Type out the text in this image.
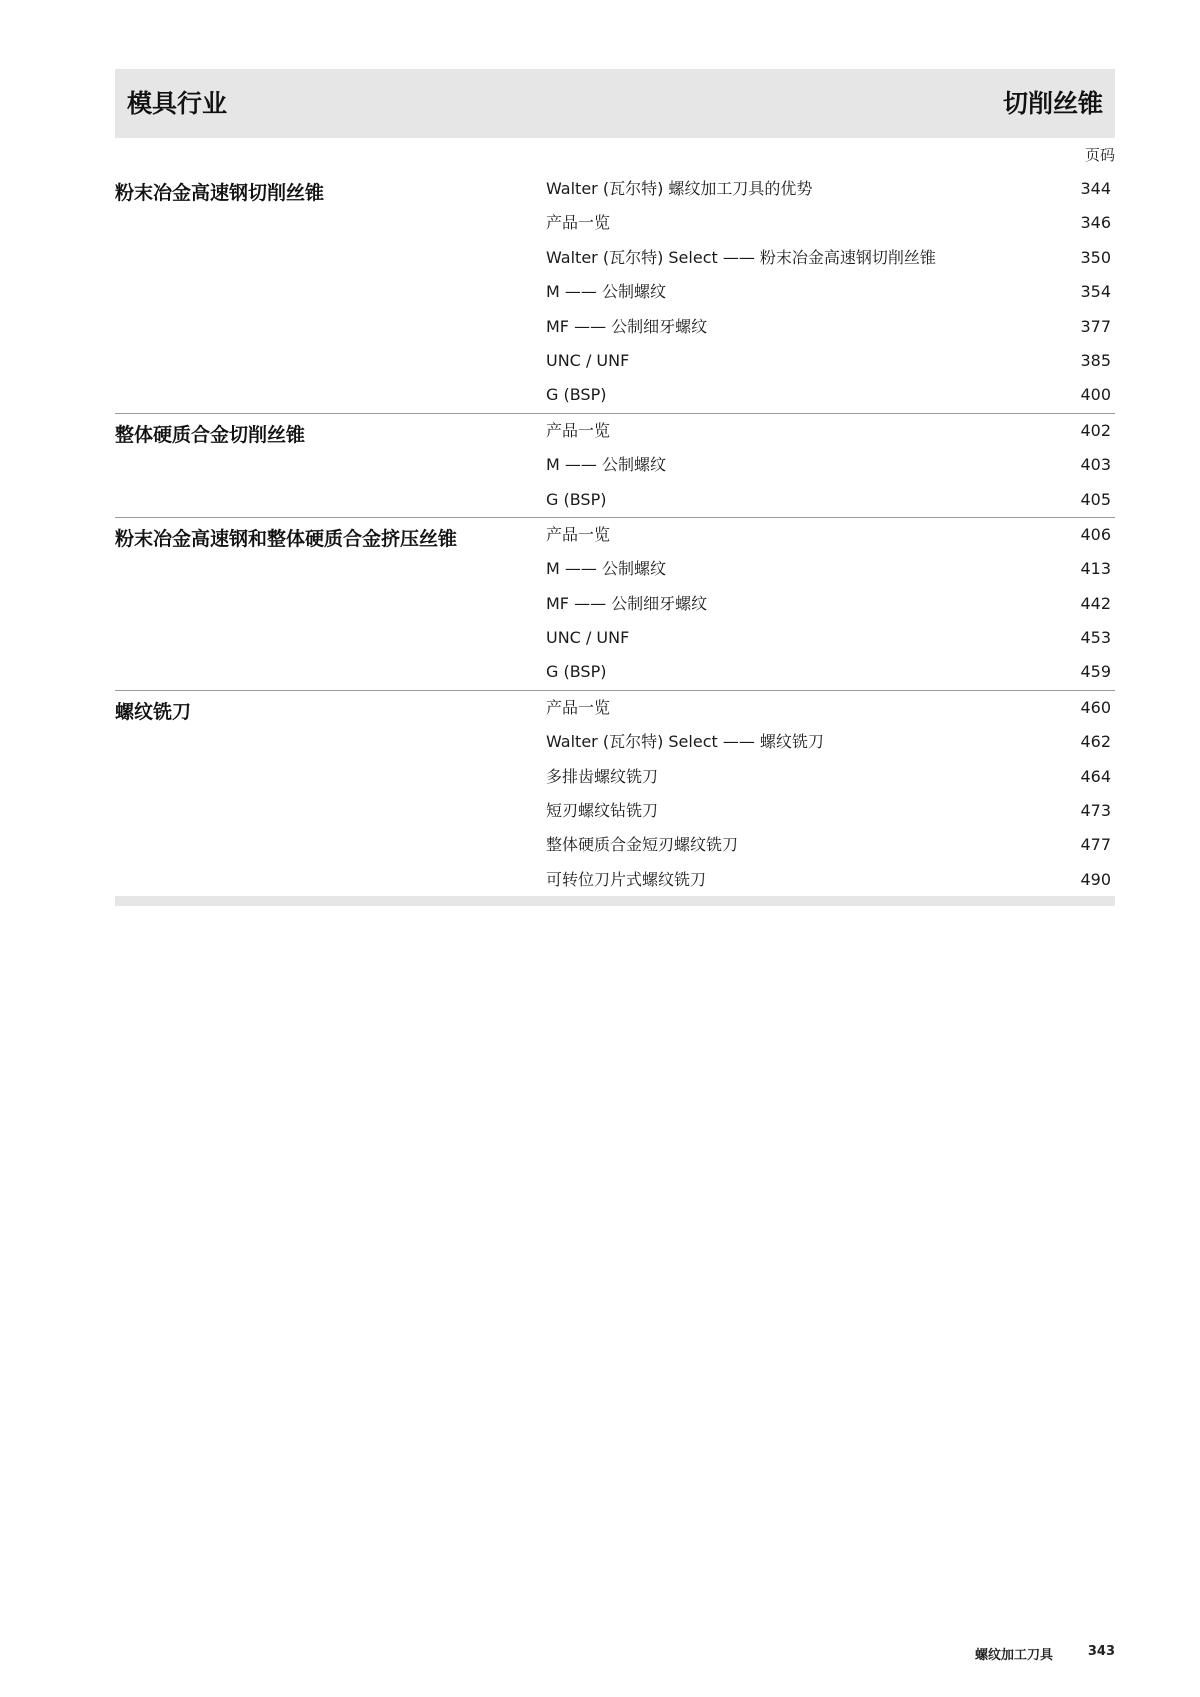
模具行业	切削丝锥
页码
粉末冶金高速钢切削丝锥	Walter (瓦尔特) 螺纹加工刀具的优势	344
产品一览	346
Walter (瓦尔特) Select —— 粉末冶金高速钢切削丝锥	350
M —— 公制螺纹	354
MF —— 公制细牙螺纹	377
UNC / UNF	385
G (BSP)	400
整体硬质合金切削丝锥	产品一览	402
M —— 公制螺纹	403
G (BSP)	405
粉末冶金高速钢和整体硬质合金挤压丝锥	产品一览	406
M —— 公制螺纹	413
MF —— 公制细牙螺纹	442
UNC / UNF	453
G (BSP)	459
螺纹铣刀	产品一览	460
Walter (瓦尔特) Select —— 螺纹铣刀	462
多排齿螺纹铣刀	464
短刃螺纹钻铣刀	473
整体硬质合金短刃螺纹铣刀	477
可转位刀片式螺纹铣刀	490
螺纹加工刀具	343
